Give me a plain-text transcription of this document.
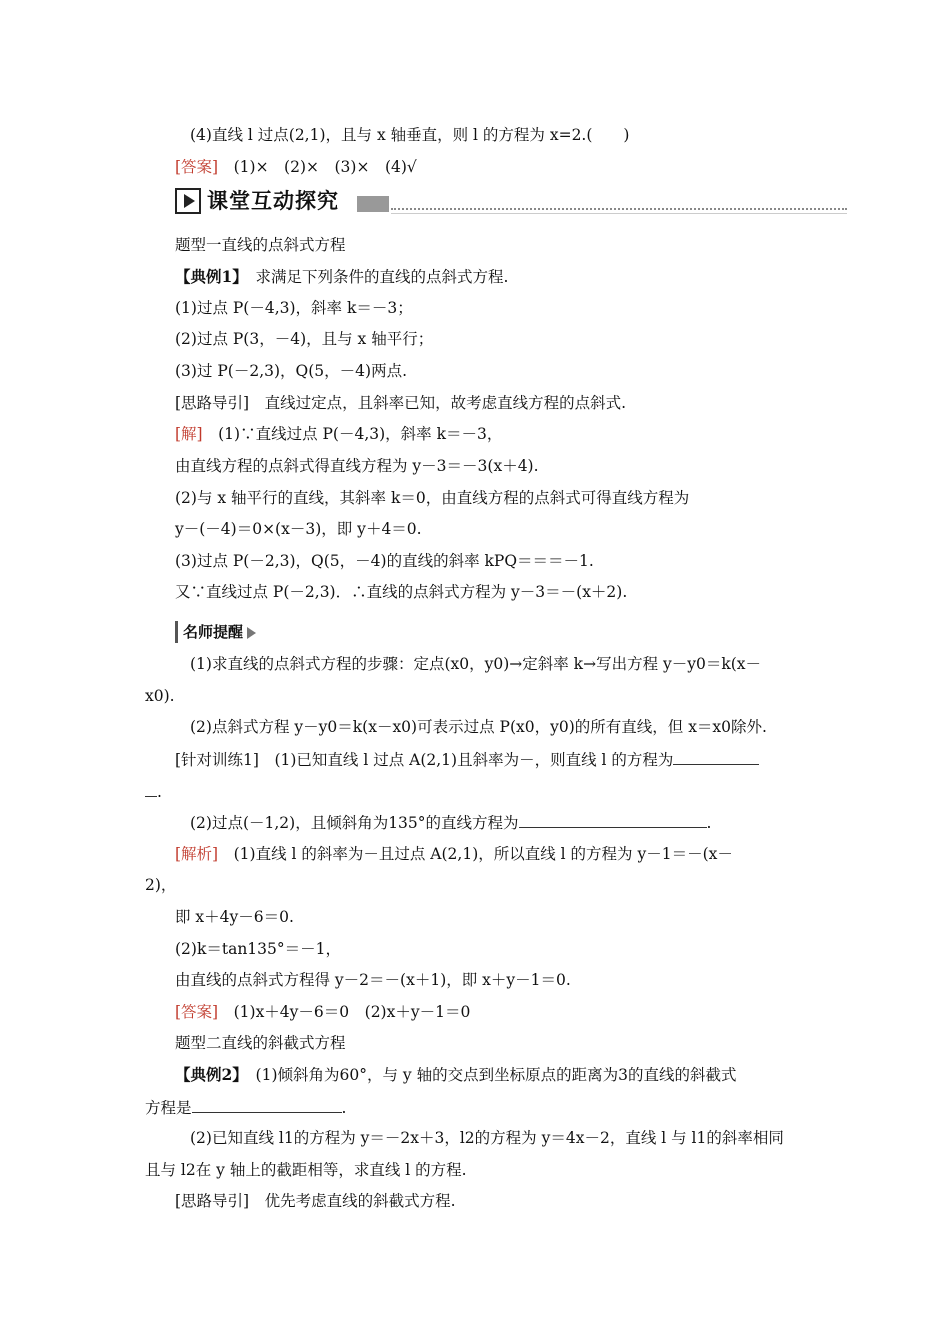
(4)直线 l 过点(2,1)，且与 x 轴垂直，则 l 的方程为 x=2.(　　)
[答案]　(1)×　(2)×　(3)×　(4)√
课堂互动探究
题型一直线的点斜式方程
【典例1】　求满足下列条件的直线的点斜式方程.
(1)过点 P(－4,3)，斜率 k＝－3；
(2)过点 P(3，－4)，且与 x 轴平行；
(3)过 P(－2,3)，Q(5，－4)两点.
[思路导引]　直线过定点，且斜率已知，故考虑直线方程的点斜式.
[解]　(1)∵直线过点 P(－4,3)，斜率 k＝－3，
由直线方程的点斜式得直线方程为 y－3＝－3(x＋4).
(2)与 x 轴平行的直线，其斜率 k＝0，由直线方程的点斜式可得直线方程为
y－(－4)＝0×(x－3)，即 y＋4＝0.
(3)过点 P(－2,3)，Q(5，－4)的直线的斜率 kPQ＝＝＝－1.
又∵直线过点 P(－2,3)．∴直线的点斜式方程为 y－3＝－(x＋2).
名师提醒
(1)求直线的点斜式方程的步骤：定点(x0，y0)→定斜率 k→写出方程 y－y0＝k(x－
x0).
(2)点斜式方程 y－y0＝k(x－x0)可表示过点 P(x0，y0)的所有直线，但 x＝x0除外.
[针对训练1]　(1)已知直线 l 过点 A(2,1)且斜率为－，则直线 l 的方程为
.
(2)过点(－1,2)，且倾斜角为135°的直线方程为	.
[解析]　(1)直线 l 的斜率为－且过点 A(2,1)，所以直线 l 的方程为 y－1＝－(x－
2)，
即 x＋4y－6＝0.
(2)k＝tan135°＝－1，
由直线的点斜式方程得 y－2＝－(x＋1)，即 x＋y－1＝0.
[答案]　(1)x＋4y－6＝0　(2)x＋y－1＝0
题型二直线的斜截式方程
【典例2】　(1)倾斜角为60°，与 y 轴的交点到坐标原点的距离为3的直线的斜截式
方程是	.
(2)已知直线 l1的方程为 y＝－2x＋3，l2的方程为 y＝4x－2，直线 l 与 l1的斜率相同
且与 l2在 y 轴上的截距相等，求直线 l 的方程.
[思路导引]　优先考虑直线的斜截式方程.
